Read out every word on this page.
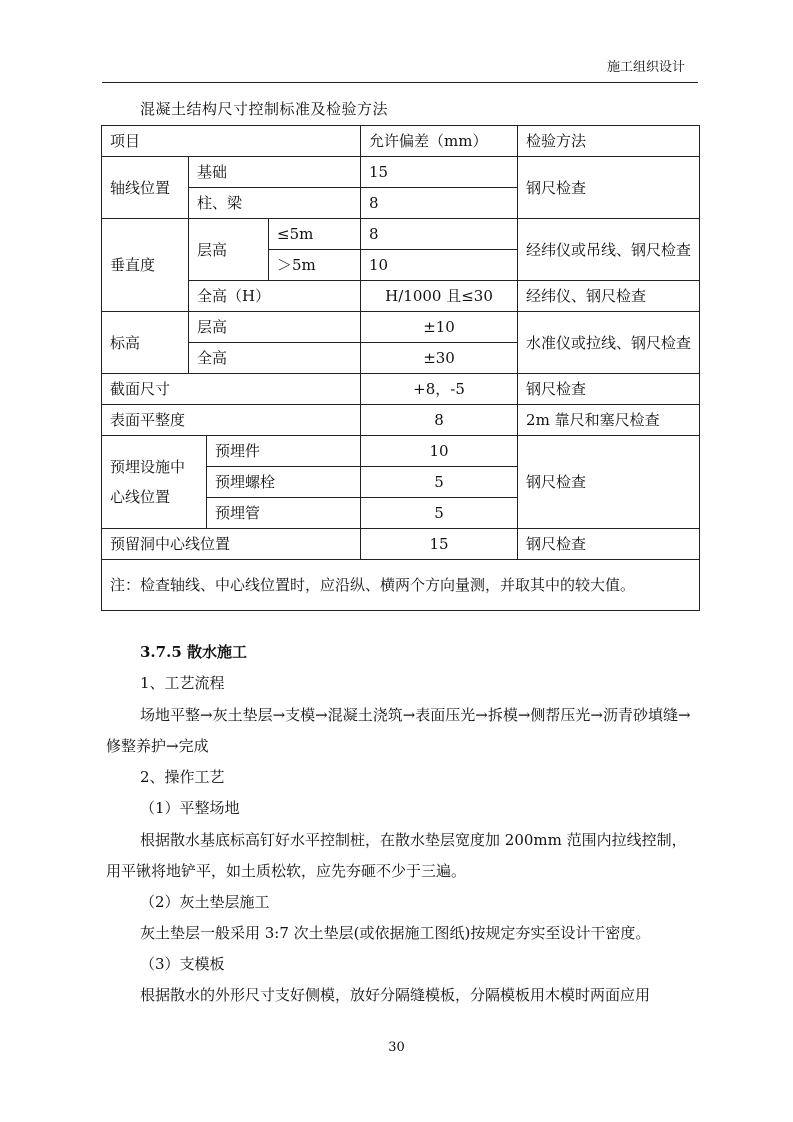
施工组织设计
混凝土结构尺寸控制标准及检验方法
项目				允许偏差（mm）	检验方法
轴线位置	基础			15	钢尺检查
	柱、梁			8	
垂直度	层高		≤5m	8	经纬仪或吊线、钢尺检查
			＞5m	10	
	全高（H）			H/1000 且≤30	经纬仪、钢尺检查
标高	层高			±10	水准仪或拉线、钢尺检查
	全高			±30	
截面尺寸				+8，-5	钢尺检查
表面平整度				8	2m 靠尺和塞尺检查
预埋设施中心线位置		预埋件		10	钢尺检查
		预埋螺栓		5	
		预埋管		5	
预留洞中心线位置				15	钢尺检查
注：检查轴线、中心线位置时，应沿纵、横两个方向量测，并取其中的较大值。					
3.7.5 散水施工
1、工艺流程
场地平整→灰土垫层→支模→混凝土浇筑→表面压光→拆模→侧帮压光→沥青砂填缝→修整养护→完成
2、操作工艺
（1）平整场地
根据散水基底标高钉好水平控制桩，在散水垫层宽度加 200mm 范围内拉线控制，用平锹将地铲平，如土质松软，应先夯砸不少于三遍。
（2）灰土垫层施工
灰土垫层一般采用 3:7 次土垫层(或依据施工图纸)按规定夯实至设计干密度。
（3）支模板
根据散水的外形尺寸支好侧模，放好分隔缝模板，分隔模板用木模时两面应用
30
